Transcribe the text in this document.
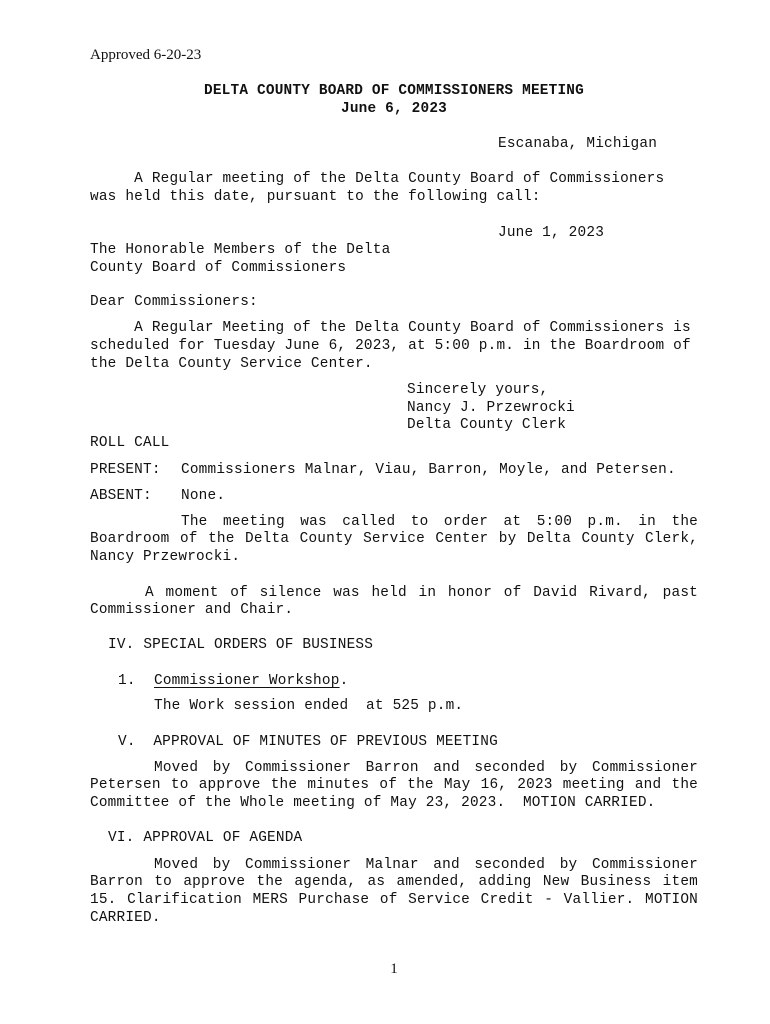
Approved 6-20-23
DELTA COUNTY BOARD OF COMMISSIONERS MEETING
June 6, 2023
Escanaba, Michigan
A Regular meeting of the Delta County Board of Commissioners
was held this date, pursuant to the following call:
June 1, 2023
The Honorable Members of the Delta
County Board of Commissioners
Dear Commissioners:
A Regular Meeting of the Delta County Board of Commissioners is
scheduled for Tuesday June 6, 2023, at 5:00 p.m. in the Boardroom of
the Delta County Service Center.
Sincerely yours,
Nancy J. Przewrocki
Delta County Clerk
ROLL CALL
PRESENT: Commissioners Malnar, Viau, Barron, Moyle, and Petersen.
ABSENT: None.
The meeting was called to order at 5:00 p.m. in the
Boardroom of the Delta County Service Center by Delta County Clerk,
Nancy Przewrocki.
A moment of silence was held in honor of David Rivard, past
Commissioner and Chair.
IV. SPECIAL ORDERS OF BUSINESS
1. Commissioner Workshop.
The Work session ended  at 525 p.m.
V.  APPROVAL OF MINUTES OF PREVIOUS MEETING
Moved by Commissioner Barron and seconded by Commissioner
Petersen to approve the minutes of the May 16, 2023 meeting and the
Committee of the Whole meeting of May 23, 2023.  MOTION CARRIED.
VI. APPROVAL OF AGENDA
Moved by Commissioner Malnar and seconded by Commissioner
Barron to approve the agenda, as amended, adding New Business item
15. Clarification MERS Purchase of Service Credit - Vallier. MOTION
CARRIED.
1
